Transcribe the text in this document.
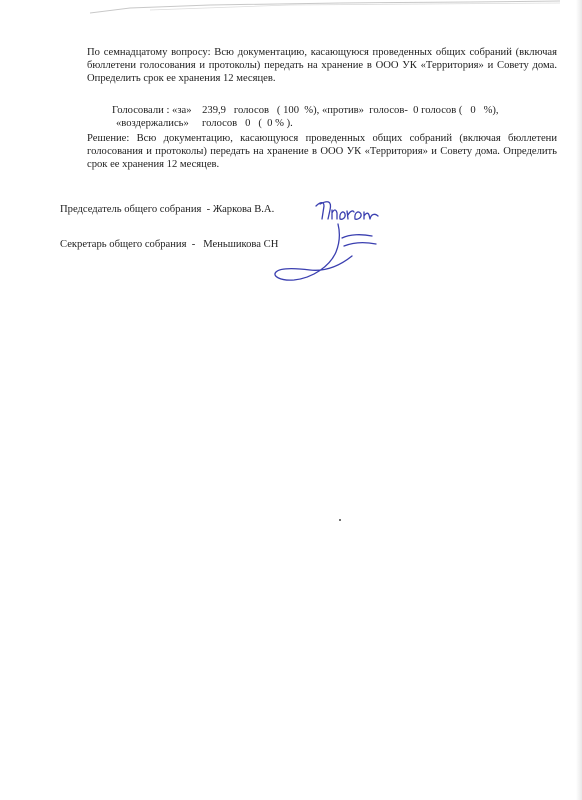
По семнадцатому вопросу: Всю документацию, касающуюся проведенных общих собраний (включая бюллетени голосования и протоколы) передать на хранение в ООО УК «Территория» и Совету дома. Определить срок ее хранения 12 месяцев.

Голосовали : «за»    239,9   голосов   ( 100  %), «против»  голосов-  0 голосов (   0   %),

«воздержались»     голосов   0   (  0 % ).

Решение: Всю документацию, касающуюся проведенных общих собраний (включая бюллетени голосования и протоколы) передать на хранение в ООО УК «Территория» и Совету дома. Определить срок ее хранения 12 месяцев.

Председатель общего собрания  - Жаркова В.А.

Секретарь общего собрания  -   Меньшикова СН
